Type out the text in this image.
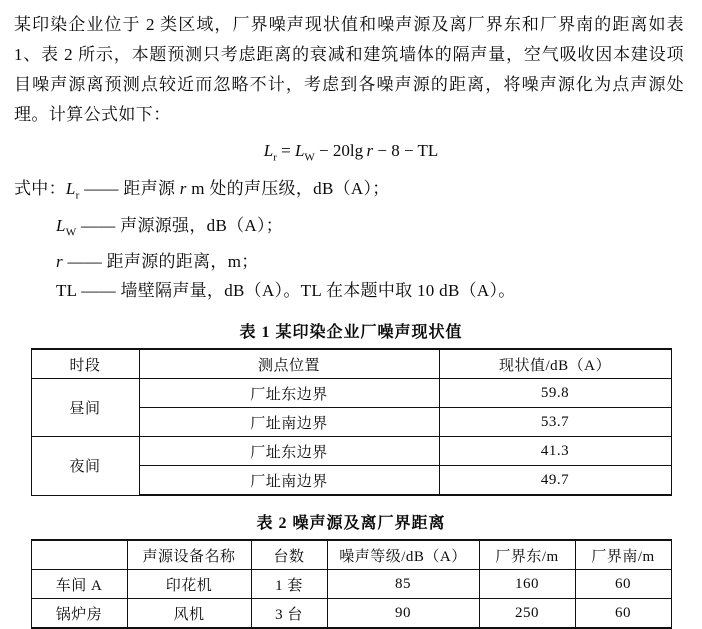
某印染企业位于 2 类区域，厂界噪声现状值和噪声源及离厂界东和厂界南的距离如表 1、表 2 所示，本题预测只考虑距离的衰减和建筑墙体的隔声量，空气吸收因本建设项目噪声源离预测点较近而忽略不计，考虑到各噪声源的距离，将噪声源化为点声源处理。计算公式如下：

$L_r = L_W - 20\lg$ r − 8 − TL
式中：$L_r$ —— 距声源 r m 处的声压级，dB（A）；
$L_W$ —— 声源源强，dB（A）；
r —— 距声源的距离，m；
TL —— 墙壁隔声量，dB（A）。TL 在本题中取 10 dB（A）。
表 1 某印染企业厂噪声现状值
时段	测点位置	现状值/dB（A）
昼间	厂址东边界	59.8
	厂址南边界	53.7
夜间	厂址东边界	41.3
	厂址南边界	49.7
表 2 噪声源及离厂界距离
	声源设备名称	台数	噪声等级/dB（A）	厂界东/m	厂界南/m
车间 A	印花机	1 套	85	160	60
锅炉房	风机	3 台	90	250	60
